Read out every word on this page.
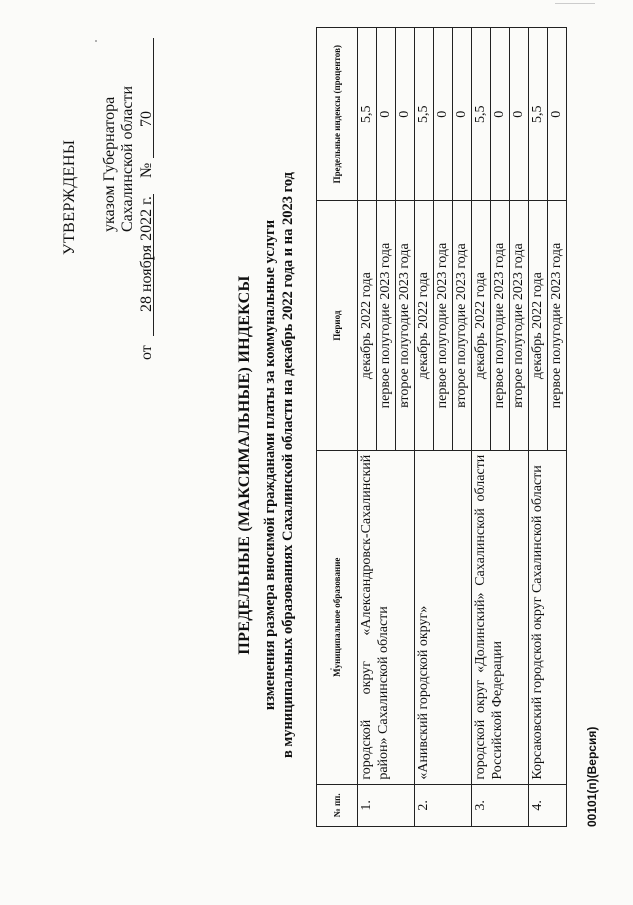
УТВЕРЖДЕНЫ указом Губернатора Сахалинской области
от
28 ноября 2022 г.
№
70
ПРЕДЕЛЬНЫЕ (МАКСИМАЛЬНЫЕ) ИНДЕКСЫ изменения размера вносимой гражданами платы за коммунальные услуги в муниципальных образованиях Сахалинской области на декабрь 2022 года и на 2023 год
№ пп.	Муниципальное образование	Период	Предельные индексы (процентов)
1.	городской округ «Александровск-Сахалинский район» Сахалинской области	декабрь 2022 года	5,5
		первое полугодие 2023 года	0
		второе полугодие 2023 года	0
2.	«Анивский городской округ»	декабрь 2022 года	5,5
		первое полугодие 2023 года	0
		второе полугодие 2023 года	0
3.	городской округ «Долинский» Сахалинской области Российской Федерации	декабрь 2022 года	5,5
		первое полугодие 2023 года	0
		второе полугодие 2023 года	0
4.	Корсаковский городской округ Сахалинской области	декабрь 2022 года	5,5
		первое полугодие 2023 года	0
00101(п)(Версия)
